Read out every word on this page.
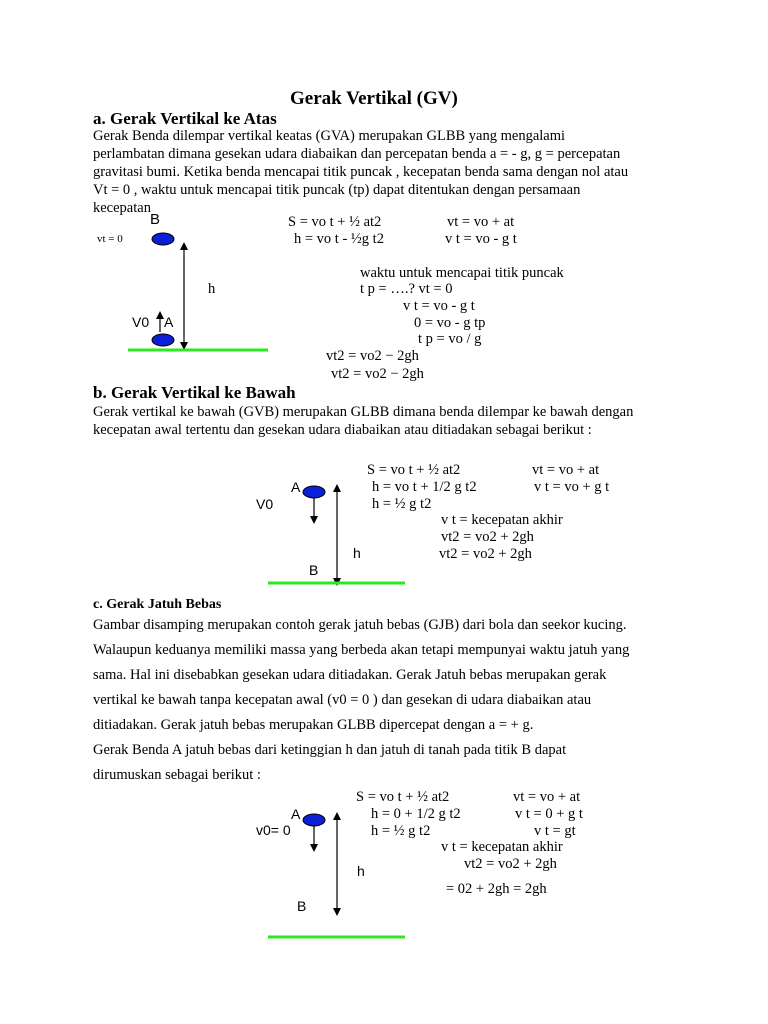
Gerak Vertikal (GV)
a. Gerak Vertikal ke Atas
Gerak Benda dilempar vertikal keatas (GVA) merupakan GLBB yang mengalami
perlambatan dimana gesekan udara diabaikan dan percepatan benda a = - g, g = percepatan
gravitasi bumi. Ketika benda mencapai titik puncak , kecepatan benda sama dengan nol atau
Vt = 0 , waktu untuk mencapai titik puncak (tp) dapat ditentukan dengan persamaan
kecepatan
B
vt = 0
h
V0 A
S = vo t + ½ at2
h = vo t - ½g t2
vt = vo + at
v t = vo - g t
waktu untuk mencapai titik puncak
t p = ….? vt = 0
v t = vo - g t
0 = vo - g tp
t p = vo / g
vt2 = vo2 − 2gh
vt2 = vo2 − 2gh
b. Gerak Vertikal ke Bawah
Gerak vertikal ke bawah (GVB) merupakan GLBB dimana benda dilempar ke bawah dengan
kecepatan awal tertentu dan gesekan udara diabaikan atau ditiadakan sebagai berikut :
A
V0
h
B
S = vo t + ½ at2
h = vo t + 1/2 g t2
h = ½ g t2
vt = vo + at
v t = vo + g t
v t = kecepatan akhir
vt2 = vo2 + 2gh
vt2 = vo2 + 2gh
c. Gerak Jatuh Bebas
Gambar disamping merupakan contoh gerak jatuh bebas (GJB) dari bola dan seekor kucing.
Walaupun keduanya memiliki massa yang berbeda akan tetapi mempunyai waktu jatuh yang
sama. Hal ini disebabkan gesekan udara ditiadakan. Gerak Jatuh bebas merupakan gerak
vertikal ke bawah tanpa kecepatan awal (v0 = 0 ) dan gesekan di udara diabaikan atau
ditiadakan. Gerak jatuh bebas merupakan GLBB dipercepat dengan a = + g.
Gerak Benda A jatuh bebas dari ketinggian h dan jatuh di tanah pada titik B dapat
dirumuskan sebagai berikut :
A
v0= 0
h
B
S = vo t + ½ at2
h = 0 + 1/2 g t2
h = ½ g t2
vt = vo + at
v t = 0 + g t
v t = gt
v t = kecepatan akhir
vt2 = vo2 + 2gh
= 02 + 2gh = 2gh
